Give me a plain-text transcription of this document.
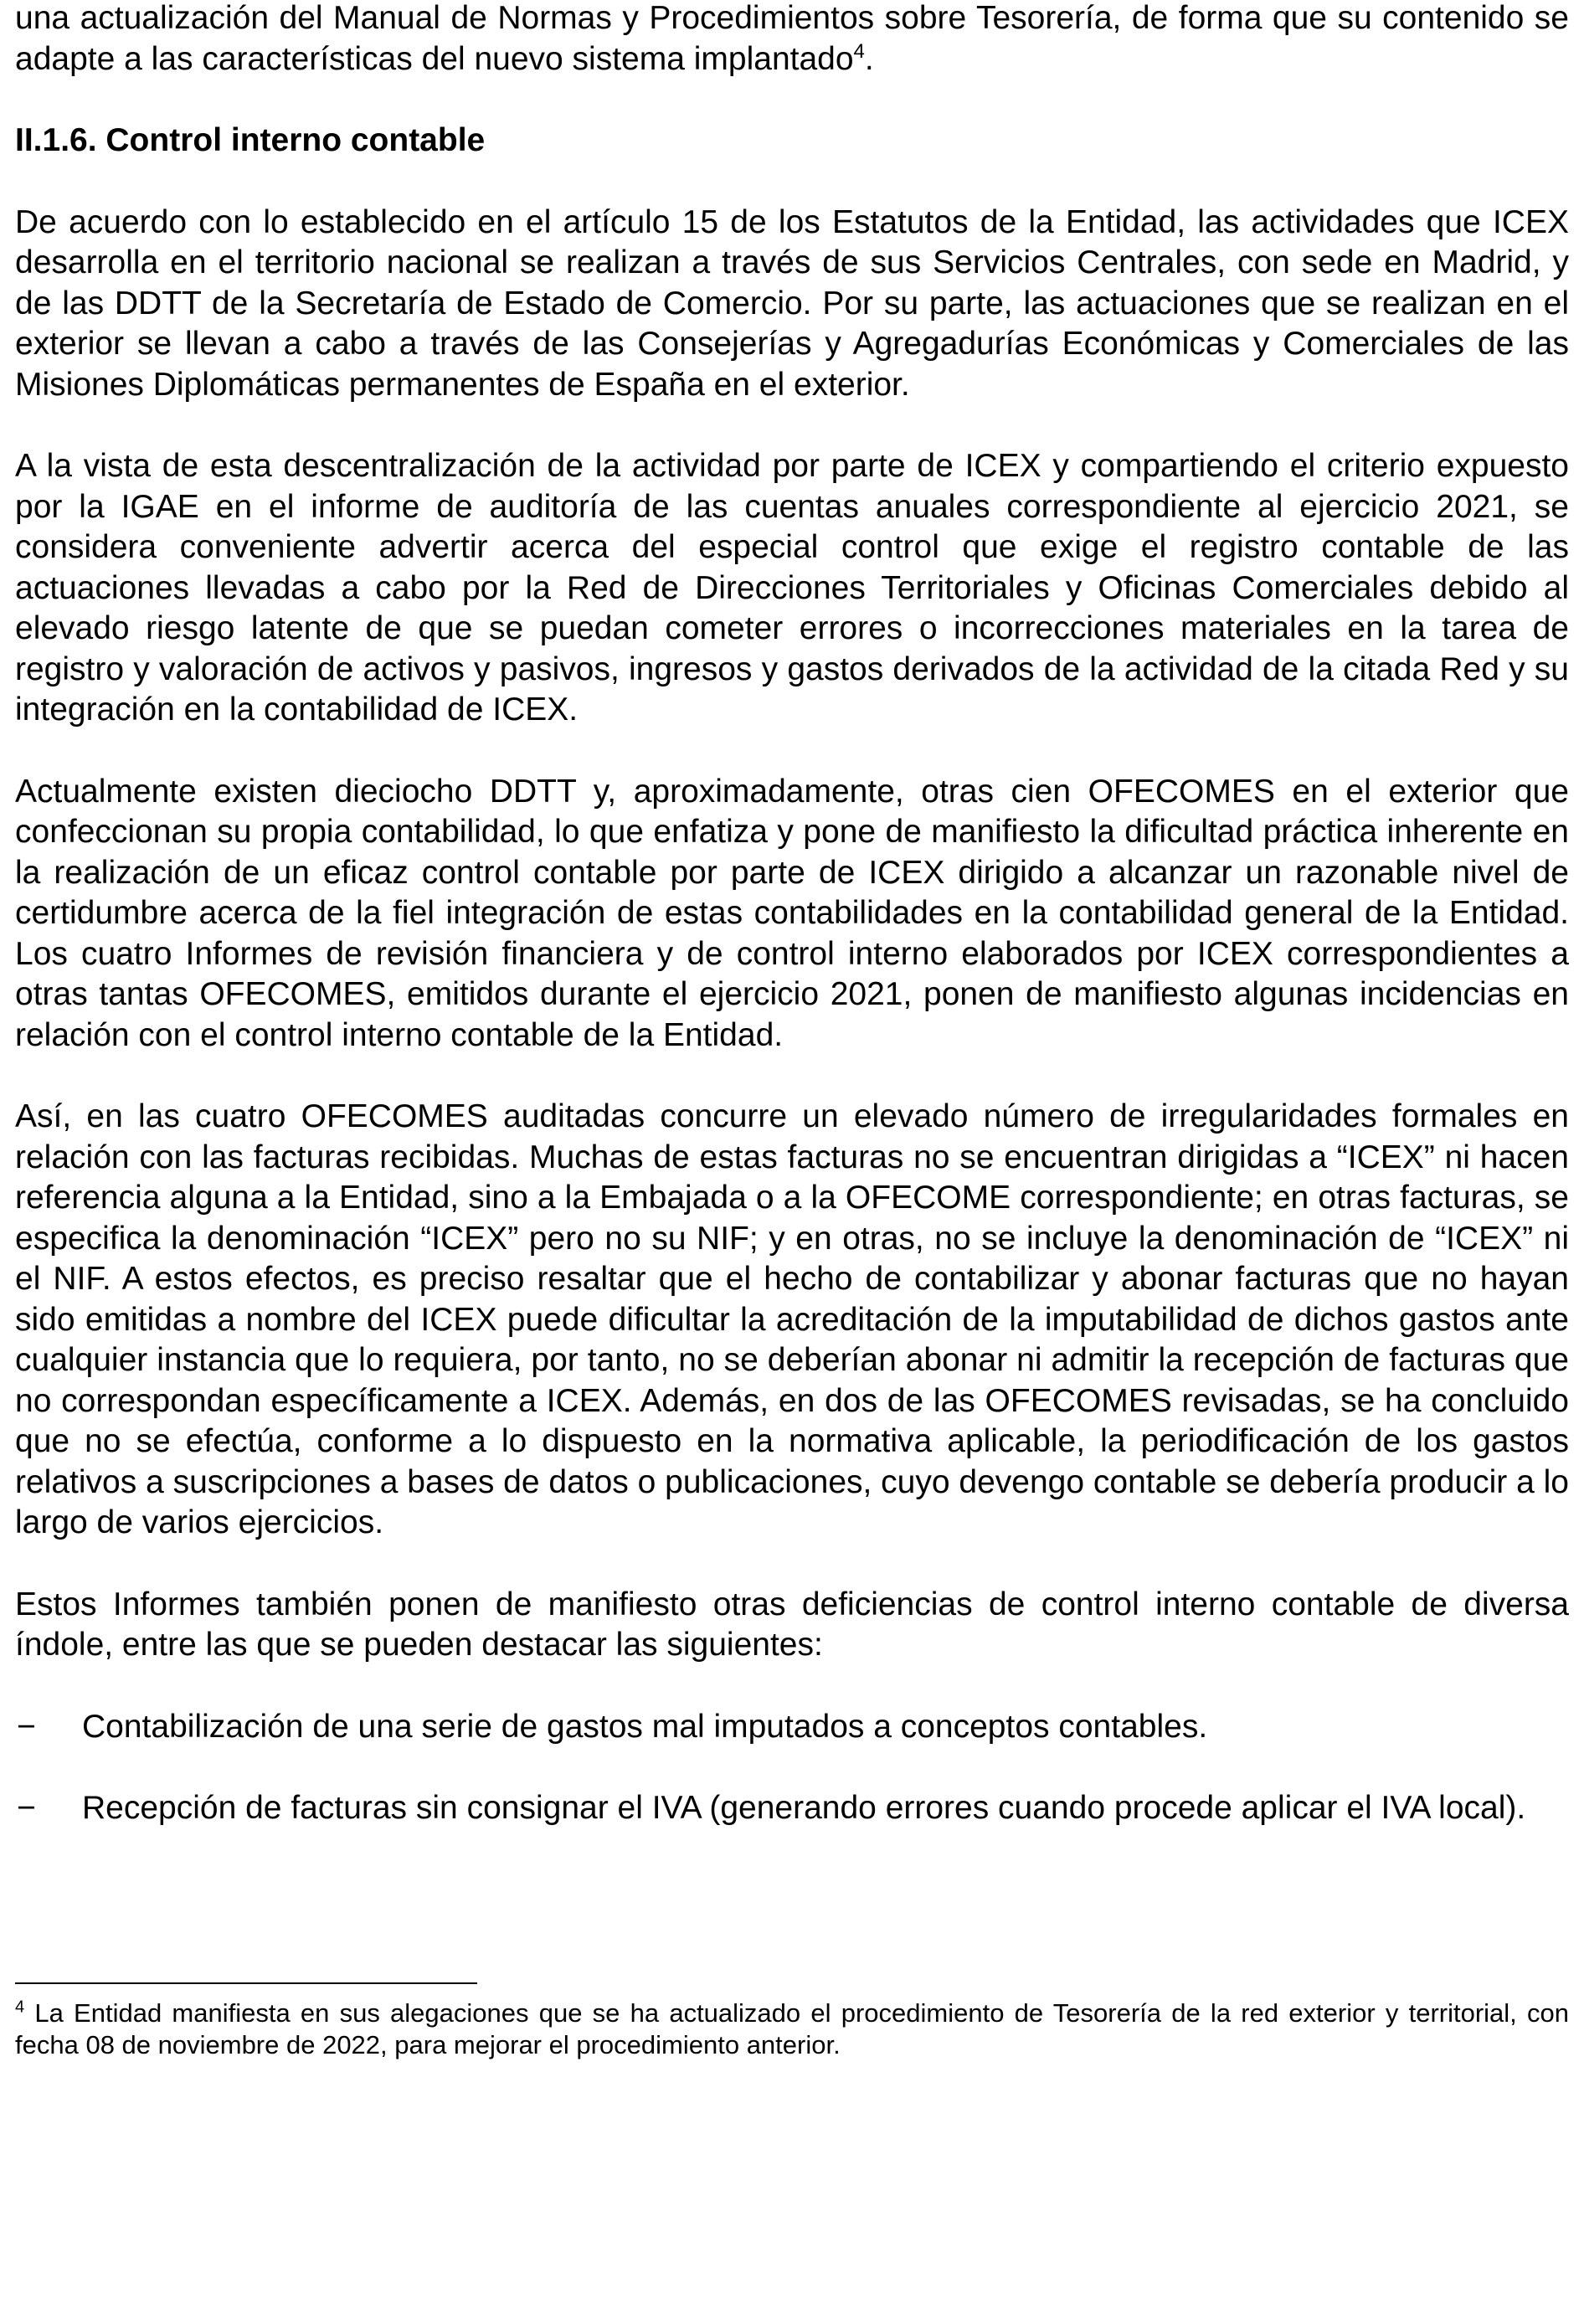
una actualización del Manual de Normas y Procedimientos sobre Tesorería, de forma que su contenido se adapte a las características del nuevo sistema implantado$^4$.

II.1.6. Control interno contable

De acuerdo con lo establecido en el artículo 15 de los Estatutos de la Entidad, las actividades que ICEX desarrolla en el territorio nacional se realizan a través de sus Servicios Centrales, con sede en Madrid, y de las DDTT de la Secretaría de Estado de Comercio. Por su parte, las actuaciones que se realizan en el exterior se llevan a cabo a través de las Consejerías y Agregadurías Económicas y Comerciales de las Misiones Diplomáticas permanentes de España en el exterior.

A la vista de esta descentralización de la actividad por parte de ICEX y compartiendo el criterio expuesto por la IGAE en el informe de auditoría de las cuentas anuales correspondiente al ejercicio 2021, se considera conveniente advertir acerca del especial control que exige el registro contable de las actuaciones llevadas a cabo por la Red de Direcciones Territoriales y Oficinas Comerciales debido al elevado riesgo latente de que se puedan cometer errores o incorrecciones materiales en la tarea de registro y valoración de activos y pasivos, ingresos y gastos derivados de la actividad de la citada Red y su integración en la contabilidad de ICEX.

Actualmente existen dieciocho DDTT y, aproximadamente, otras cien OFECOMES en el exterior que confeccionan su propia contabilidad, lo que enfatiza y pone de manifiesto la dificultad práctica inherente en la realización de un eficaz control contable por parte de ICEX dirigido a alcanzar un razonable nivel de certidumbre acerca de la fiel integración de estas contabilidades en la contabilidad general de la Entidad. Los cuatro Informes de revisión financiera y de control interno elaborados por ICEX correspondientes a otras tantas OFECOMES, emitidos durante el ejercicio 2021, ponen de manifiesto algunas incidencias en relación con el control interno contable de la Entidad.

Así, en las cuatro OFECOMES auditadas concurre un elevado número de irregularidades formales en relación con las facturas recibidas. Muchas de estas facturas no se encuentran dirigidas a “ICEX” ni hacen referencia alguna a la Entidad, sino a la Embajada o a la OFECOME correspondiente; en otras facturas, se especifica la denominación “ICEX” pero no su NIF; y en otras, no se incluye la denominación de “ICEX” ni el NIF. A estos efectos, es preciso resaltar que el hecho de contabilizar y abonar facturas que no hayan sido emitidas a nombre del ICEX puede dificultar la acreditación de la imputabilidad de dichos gastos ante cualquier instancia que lo requiera, por tanto, no se deberían abonar ni admitir la recepción de facturas que no correspondan específicamente a ICEX. Además, en dos de las OFECOMES revisadas, se ha concluido que no se efectúa, conforme a lo dispuesto en la normativa aplicable, la periodificación de los gastos relativos a suscripciones a bases de datos o publicaciones, cuyo devengo contable se debería producir a lo largo de varios ejercicios.

Estos Informes también ponen de manifiesto otras deficiencias de control interno contable de diversa índole, entre las que se pueden destacar las siguientes:

−	Contabilización de una serie de gastos mal imputados a conceptos contables.
−	Recepción de facturas sin consignar el IVA (generando errores cuando procede aplicar el IVA local).

$^4$ La Entidad manifiesta en sus alegaciones que se ha actualizado el procedimiento de Tesorería de la red exterior y territorial, con fecha 08 de noviembre de 2022, para mejorar el procedimiento anterior.
